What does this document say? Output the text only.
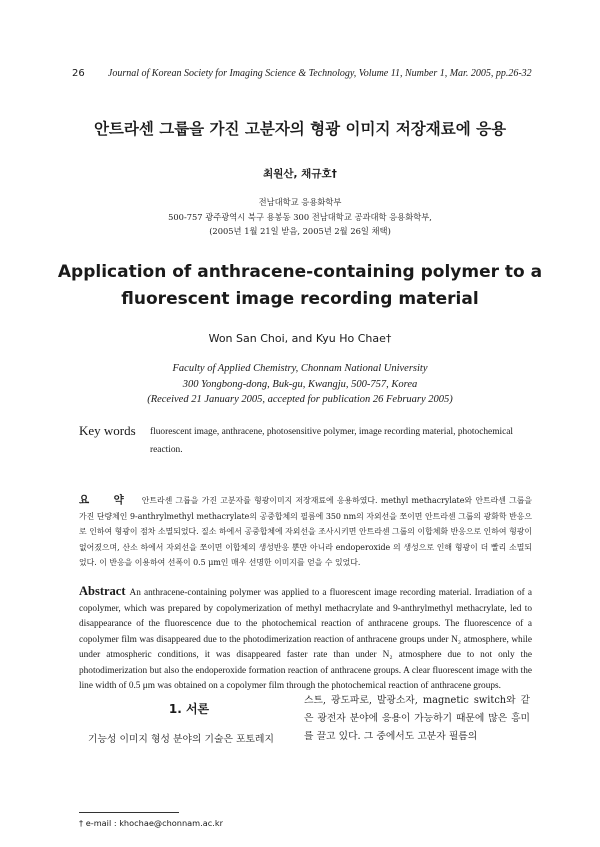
26 Journal of Korean Society for Imaging Science & Technology, Volume 11, Number 1, Mar. 2005, pp.26-32
안트라센 그룹을 가진 고분자의 형광 이미지 저장재료에 응용
최원산, 채규호†
전남대학교 응용화학부
500-757 광주광역시 북구 용봉동 300 전남대학교 공과대학 응용화학부,
(2005년 1월 21일 받음, 2005년 2월 26일 채택)
Application of anthracene-containing polymer to a
fluorescent image recording material
Won San Choi, and Kyu Ho Chae†
Faculty of Applied Chemistry, Chonnam National University
300 Yongbong-dong, Buk-gu, Kwangju, 500-757, Korea
(Received 21 January 2005, accepted for publication 26 February 2005)
Key words fluorescent image, anthracene, photosensitive polymer, image recording material, photochemical reaction.
요 약 안트라센 그룹을 가진 고분자를 형광이미지 저장재료에 응용하였다. methyl methacrylate와 안트라센 그룹을 가진 단량체인 9-anthrylmethyl methacrylate의 공중합체의 필름에 350 nm의 자외선을 쪼이면 안트라센 그룹의 광화학 반응으로 인하여 형광이 점차 소멸되었다. 질소 하에서 공중합체에 자외선을 조사시키면 안트라센 그룹의 이합체화 반응으로 인하여 형광이 없어졌으며, 산소 하에서 자외선을 쪼이면 이합체의 생성반응 뿐만 아니라 endoperoxide 의 생성으로 인해 형광이 더 빨리 소멸되었다. 이 반응을 이용하여 선폭이 0.5 μm인 매우 선명한 이미지를 얻을 수 있었다.
Abstract An anthracene-containing polymer was applied to a fluorescent image recording material. Irradiation of a copolymer, which was prepared by copolymerization of methyl methacrylate and 9-anthrylmethyl methacrylate, led to disappearance of the fluorescence due to the photochemical reaction of anthracene groups. The fluorescence of a copolymer film was disappeared due to the photodimerization reaction of anthracene groups under N₂ atmosphere, while under atmospheric conditions, it was disappeared faster rate than under N₂ atmosphere due to not only the photodimerization but also the endoperoxide formation reaction of anthracene groups. A clear fluorescent image with the line width of 0.5 μm was obtained on a copolymer film through the photochemical reaction of anthracene groups.
1. 서론
기능성 이미지 형성 분야의 기술은 포토레지
스트, 광도파로, 발광소자, magnetic switch와 같은 광전자 분야에 응용이 가능하기 때문에 많은 흥미를 끌고 있다. 그 중에서도 고분자 필름의
† e-mail : khochae@chonnam.ac.kr
